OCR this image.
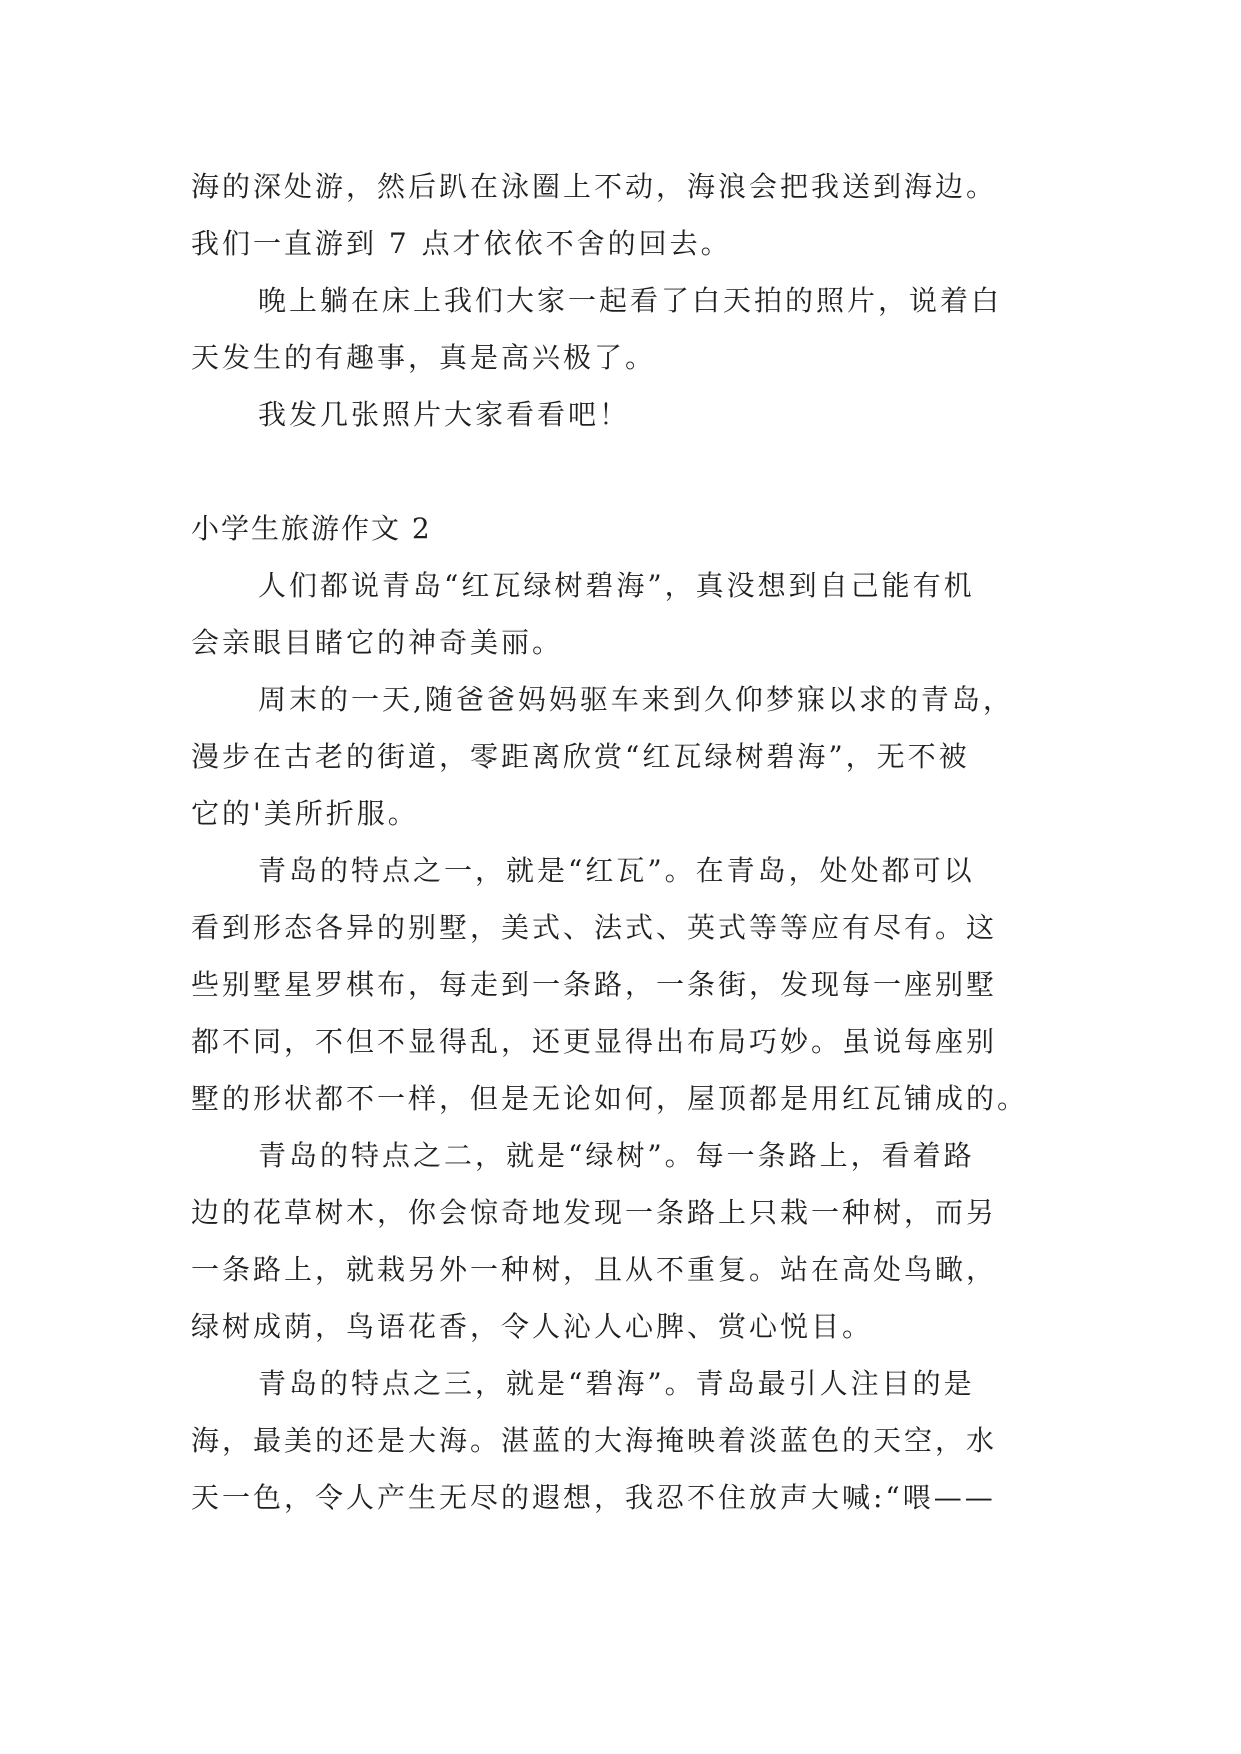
海的深处游，然后趴在泳圈上不动，海浪会把我送到海边。
我们一直游到 7 点才依依不舍的回去。
晚上躺在床上我们大家一起看了白天拍的照片，说着白
天发生的有趣事，真是高兴极了。
我发几张照片大家看看吧！
小学生旅游作文 2
人们都说青岛“红瓦绿树碧海”，真没想到自己能有机
会亲眼目睹它的神奇美丽。
周末的一天,随爸爸妈妈驱车来到久仰梦寐以求的青岛，
漫步在古老的街道，零距离欣赏“红瓦绿树碧海”，无不被
它的'美所折服。
青岛的特点之一，就是“红瓦”。在青岛，处处都可以
看到形态各异的别墅，美式、法式、英式等等应有尽有。这
些别墅星罗棋布，每走到一条路，一条街，发现每一座别墅
都不同，不但不显得乱，还更显得出布局巧妙。虽说每座别
墅的形状都不一样，但是无论如何，屋顶都是用红瓦铺成的。
青岛的特点之二，就是“绿树”。每一条路上，看着路
边的花草树木，你会惊奇地发现一条路上只栽一种树，而另
一条路上，就栽另外一种树，且从不重复。站在高处鸟瞰，
绿树成荫，鸟语花香，令人沁人心脾、赏心悦目。
青岛的特点之三，就是“碧海”。青岛最引人注目的是
海，最美的还是大海。湛蓝的大海掩映着淡蓝色的天空，水
天一色，令人产生无尽的遐想，我忍不住放声大喊:“喂——
